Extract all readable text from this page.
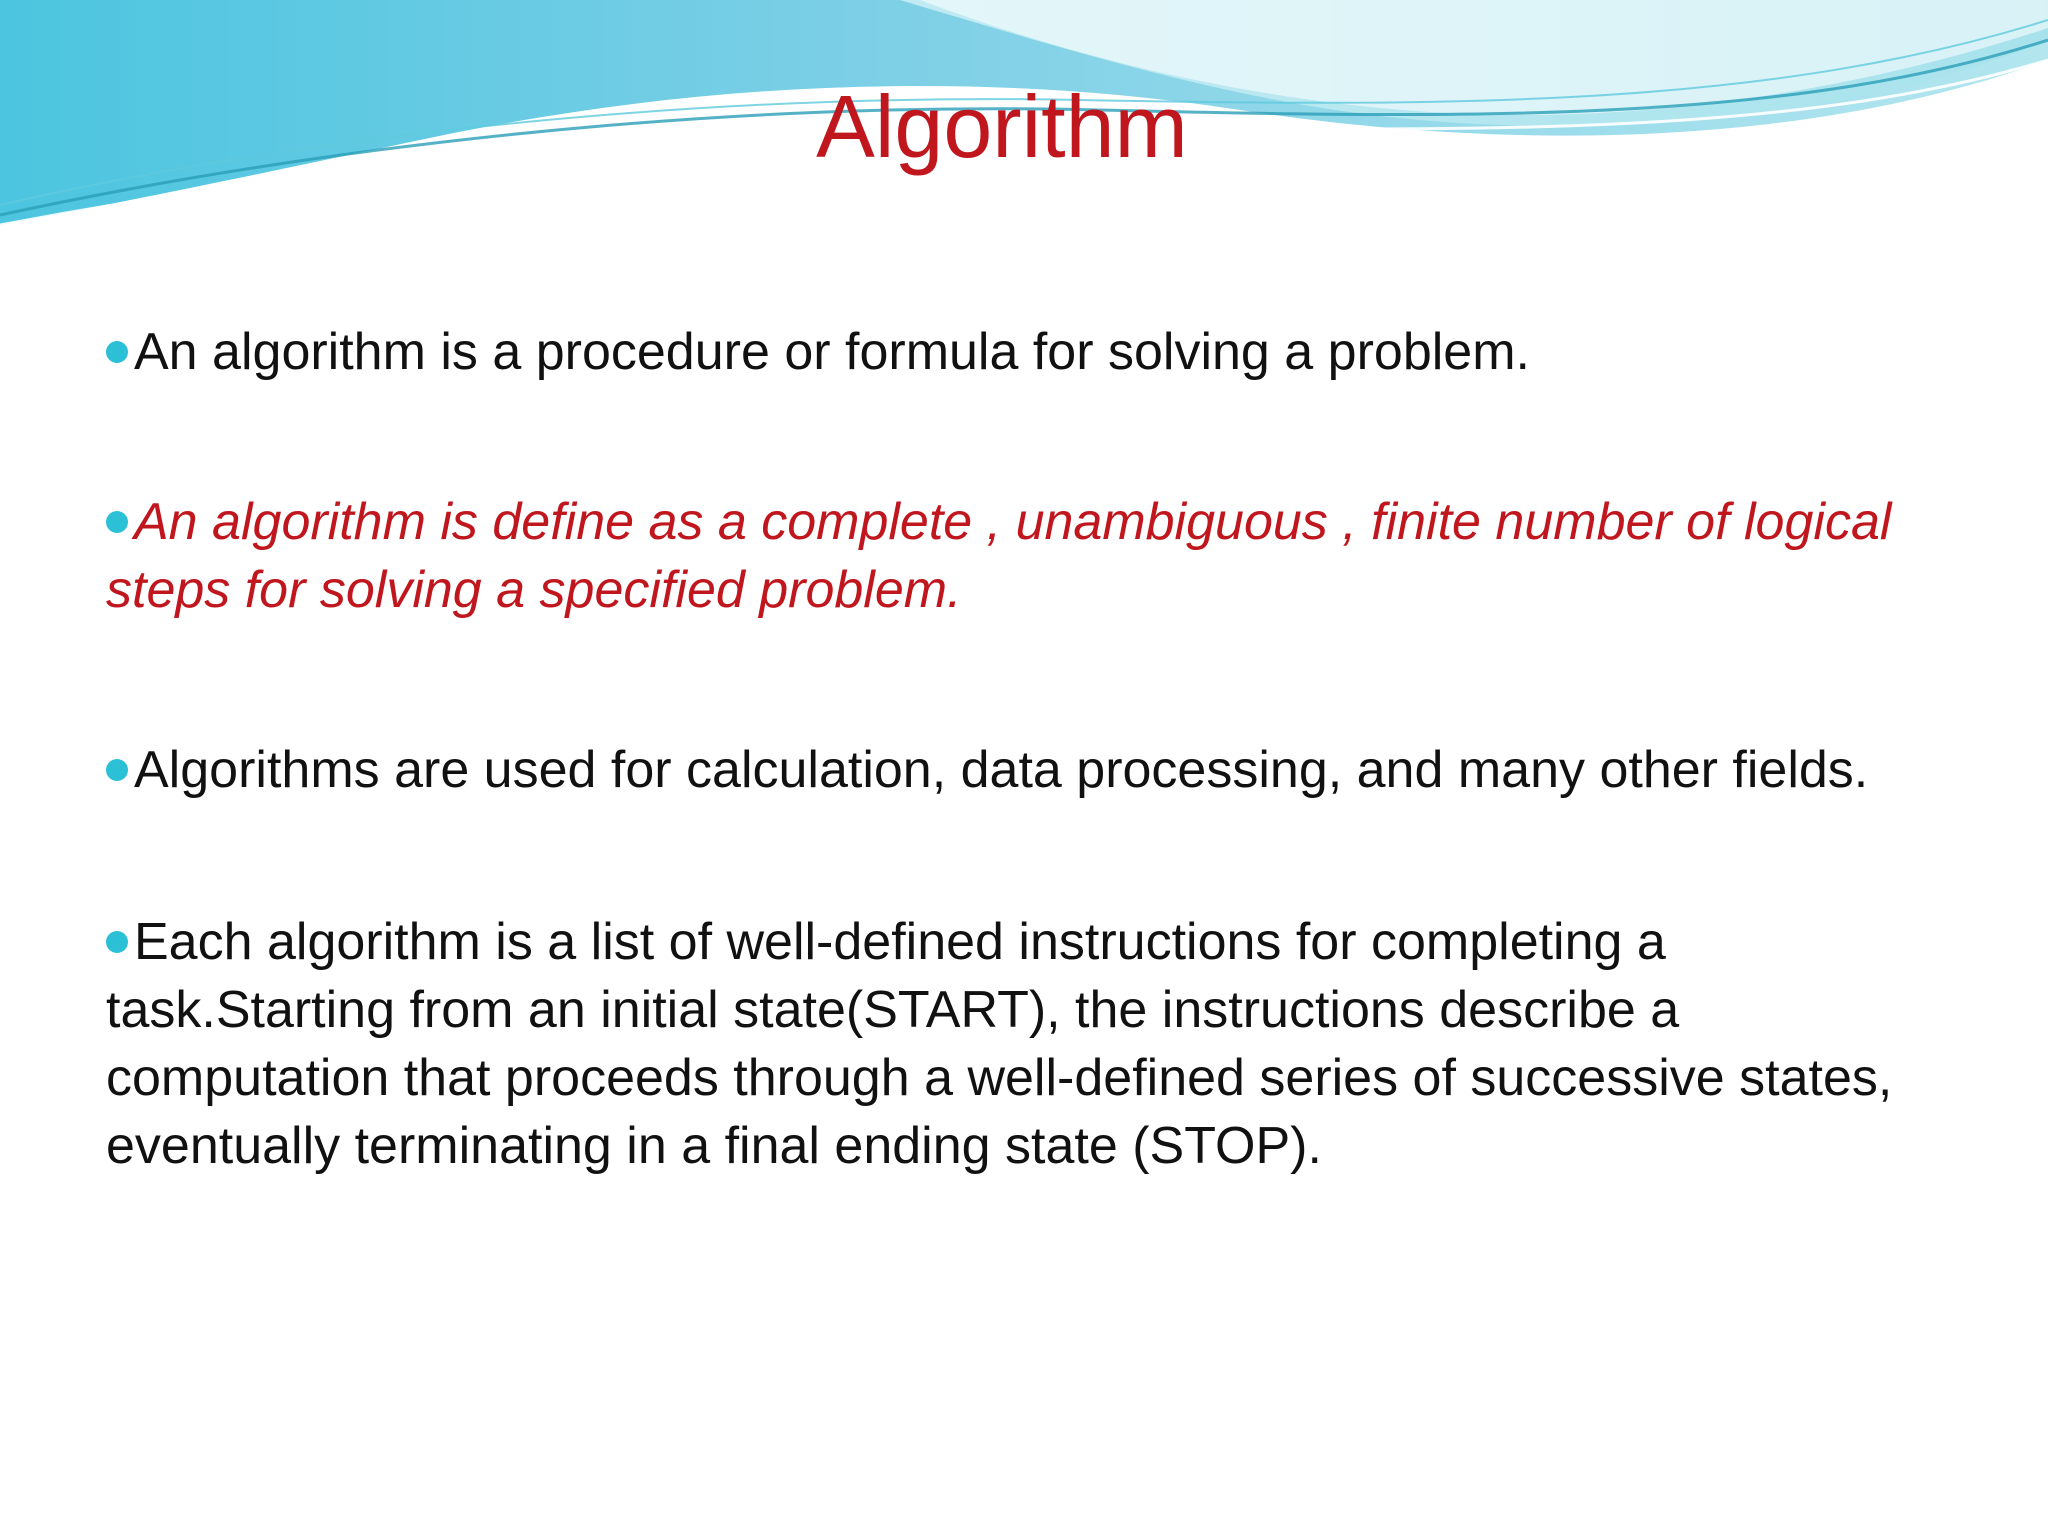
Algorithm
An algorithm is a procedure or formula for solving a problem.
An algorithm is define as a complete , unambiguous , finite number of logical steps for solving a specified problem.
Algorithms are used for calculation, data processing, and many other fields.
Each algorithm is a list of well-defined instructions for completing a task.Starting from an initial state(START), the instructions describe a computation that proceeds through a well-defined series of successive states, eventually terminating in a final ending state (STOP).
